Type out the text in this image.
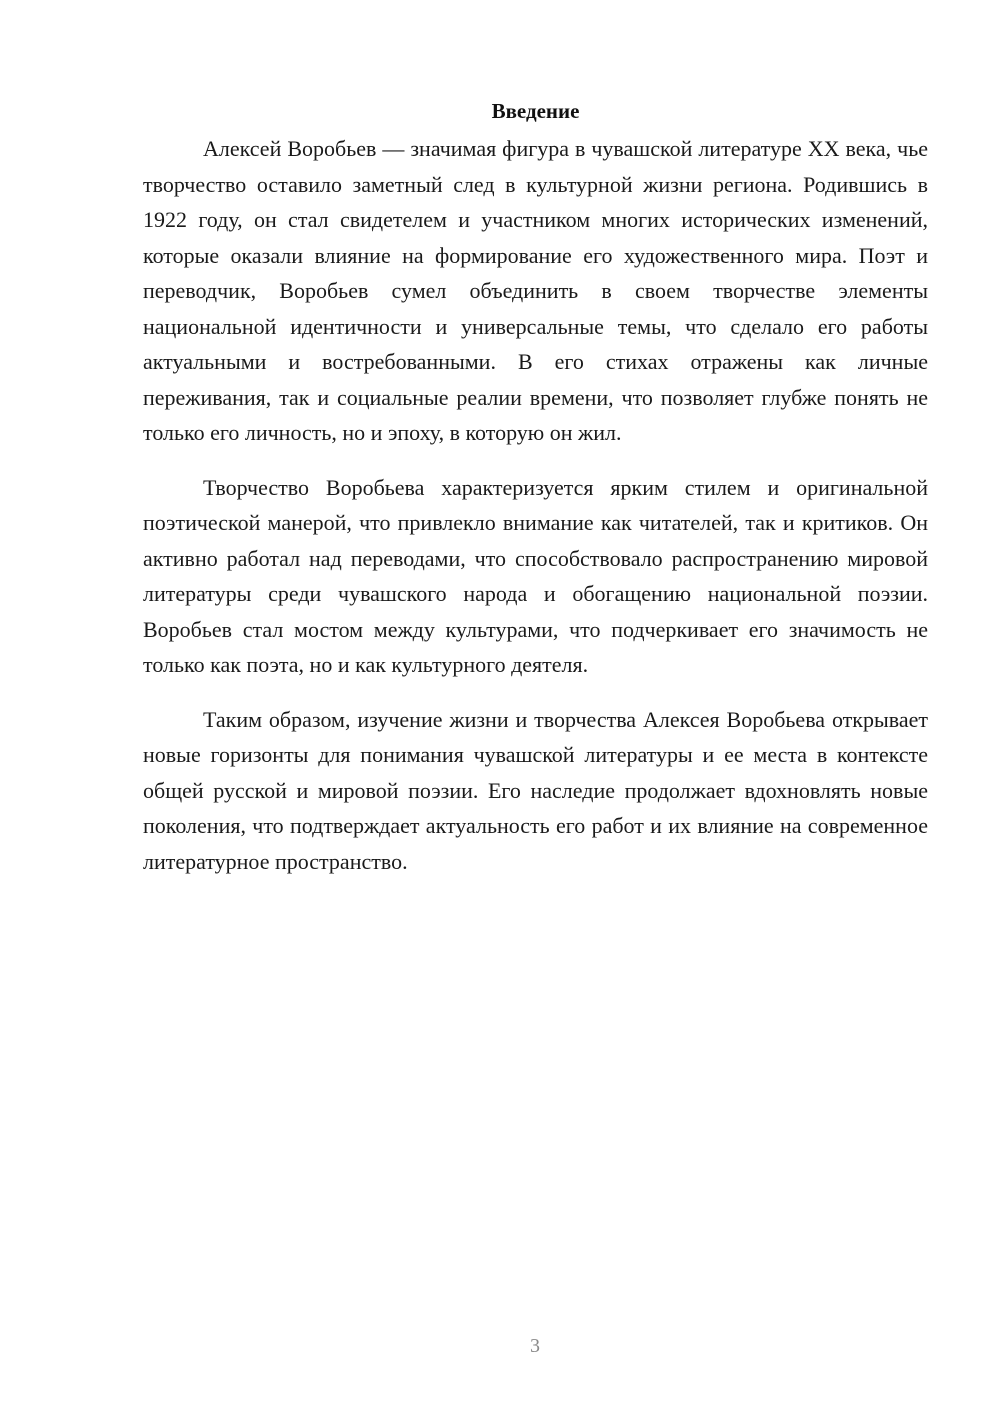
Введение

Алексей Воробьев — значимая фигура в чувашской литературе XX века, чье творчество оставило заметный след в культурной жизни региона. Родившись в 1922 году, он стал свидетелем и участником многих исторических изменений, которые оказали влияние на формирование его художественного мира. Поэт и переводчик, Воробьев сумел объединить в своем творчестве элементы национальной идентичности и универсальные темы, что сделало его работы актуальными и востребованными. В его стихах отражены как личные переживания, так и социальные реалии времени, что позволяет глубже понять не только его личность, но и эпоху, в которую он жил.

Творчество Воробьева характеризуется ярким стилем и оригинальной поэтической манерой, что привлекло внимание как читателей, так и критиков. Он активно работал над переводами, что способствовало распространению мировой литературы среди чувашского народа и обогащению национальной поэзии. Воробьев стал мостом между культурами, что подчеркивает его значимость не только как поэта, но и как культурного деятеля.

Таким образом, изучение жизни и творчества Алексея Воробьева открывает новые горизонты для понимания чувашской литературы и ее места в контексте общей русской и мировой поэзии. Его наследие продолжает вдохновлять новые поколения, что подтверждает актуальность его работ и их влияние на современное литературное пространство.

3
